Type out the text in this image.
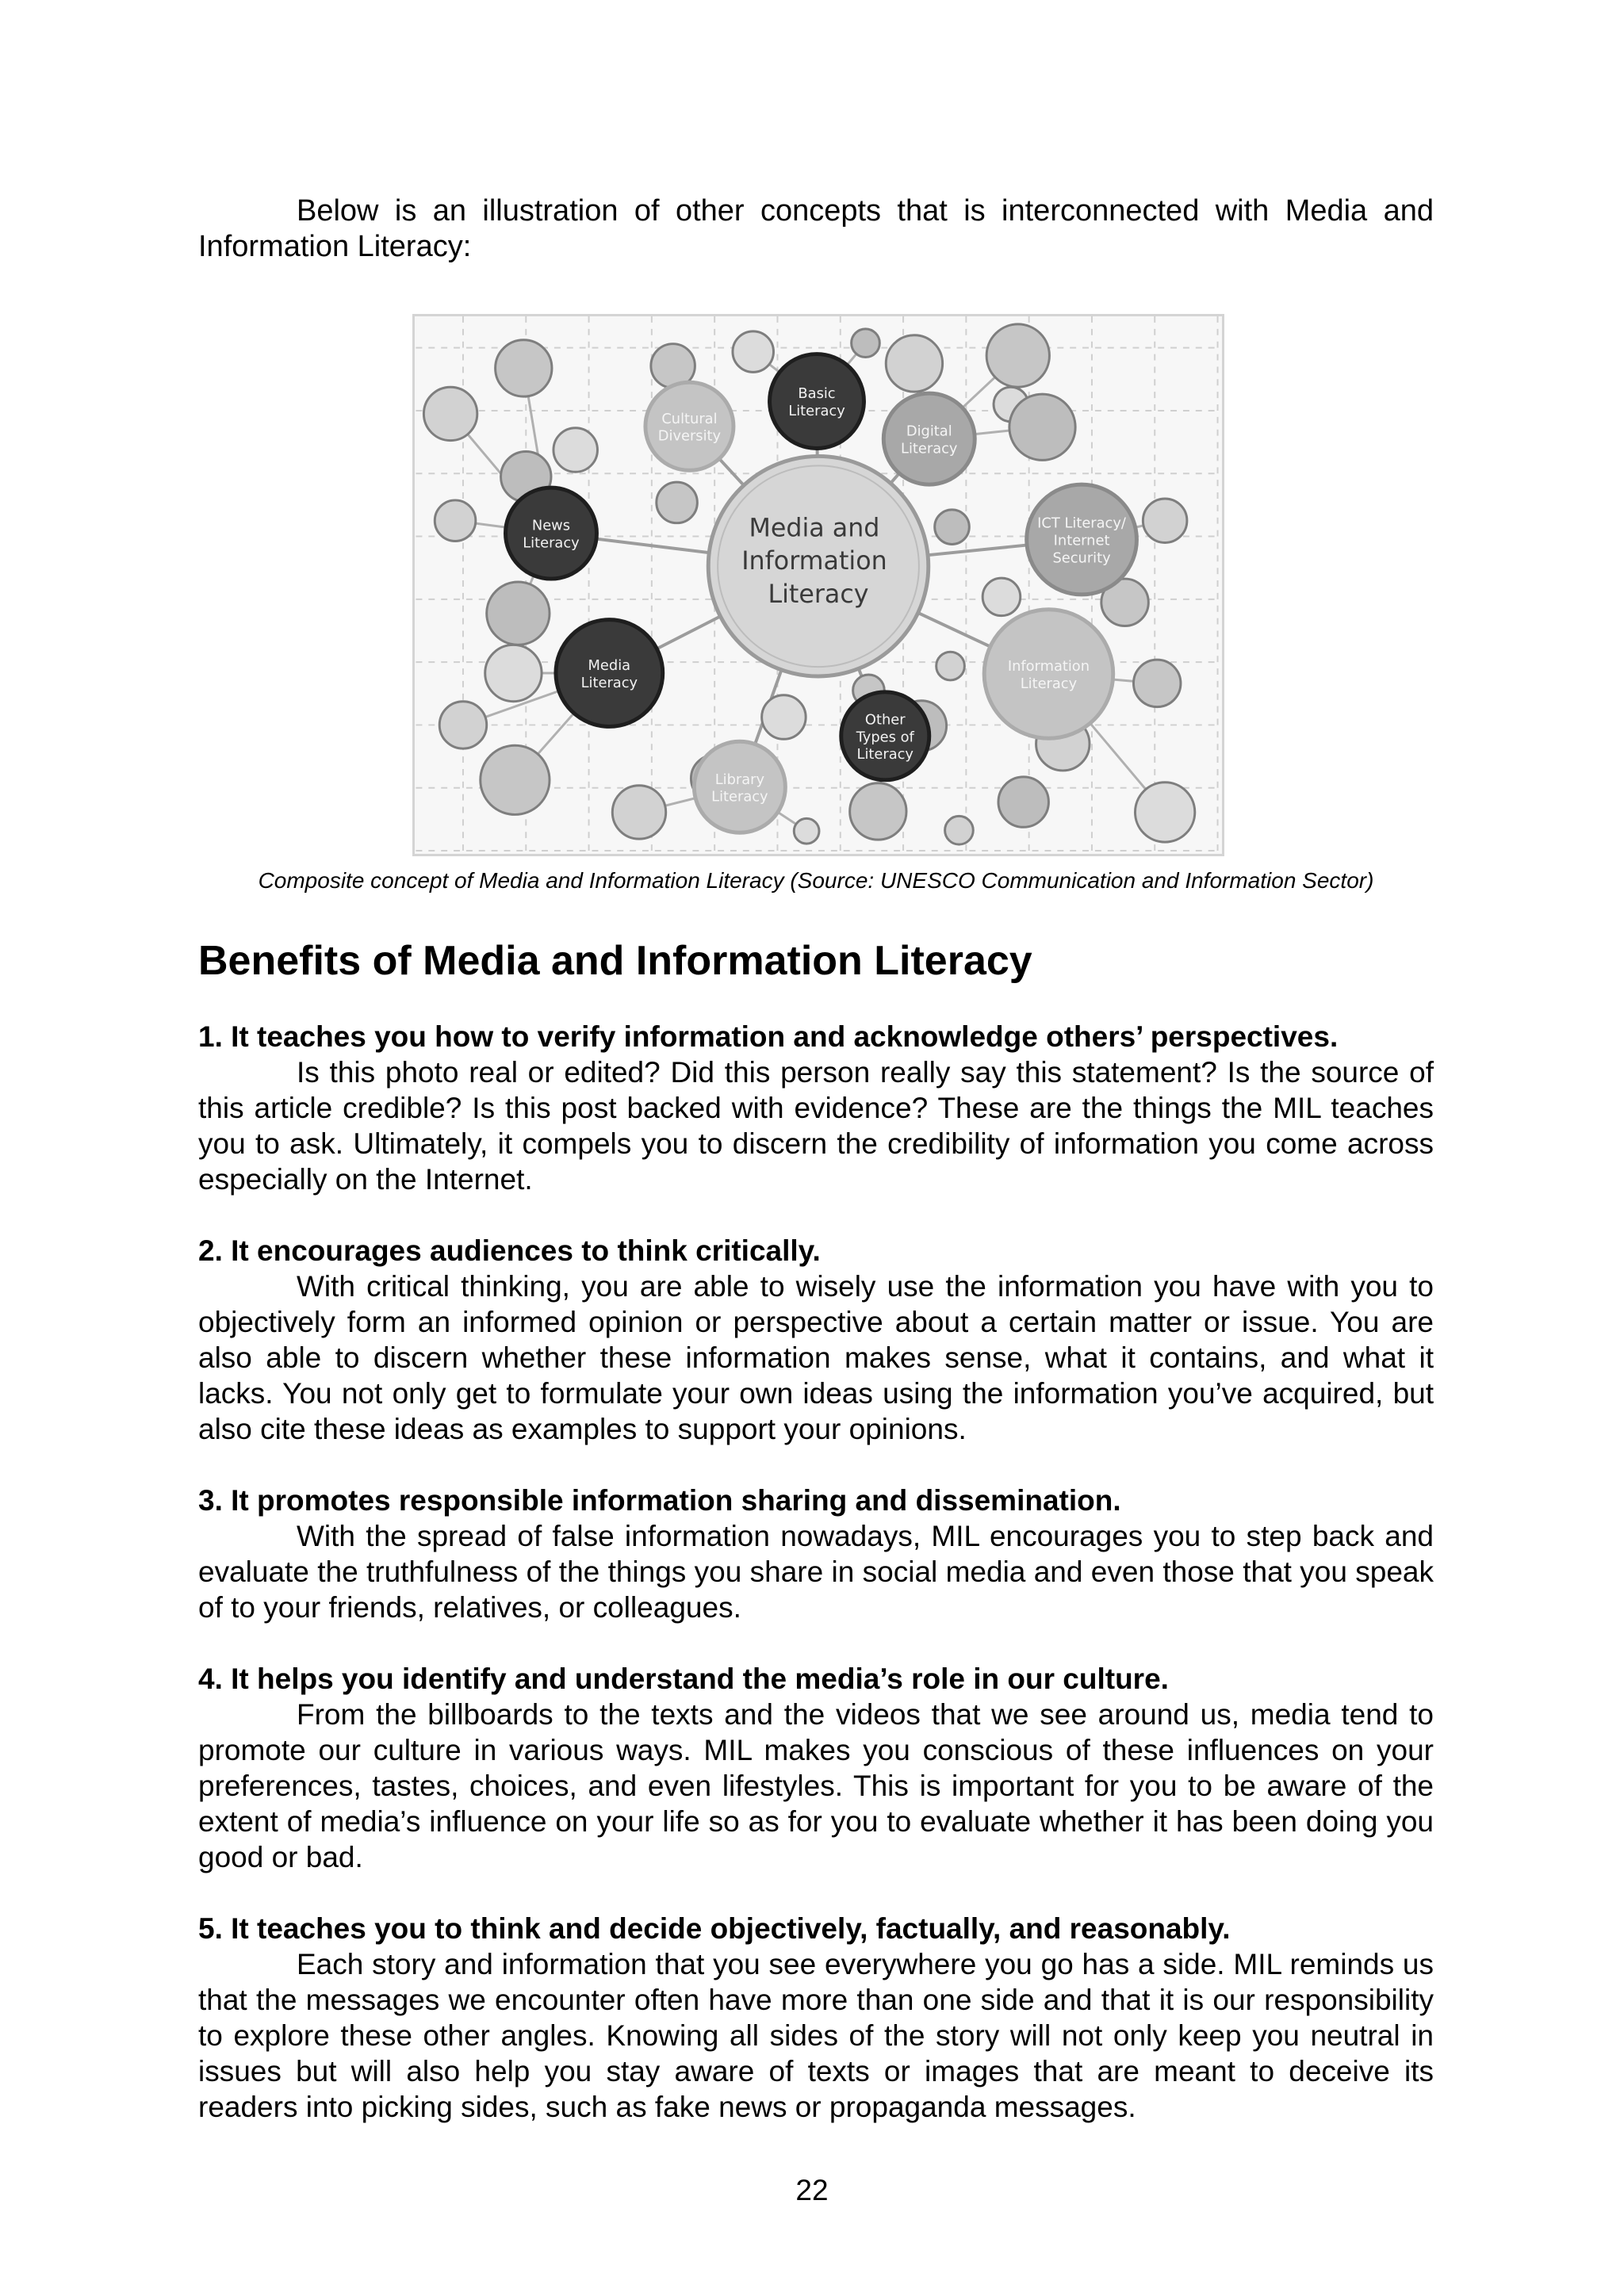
Below is an illustration of other concepts that is interconnected with Media and Information Literacy:

Media and Information Literacy
Basic Literacy
Cultural Diversity	Digital Literacy
News Literacy
ICT Literacy/ Internet Security
Media Literacy
Other Types of Literacy
Information Literacy
Library Literacy

Composite concept of Media and Information Literacy (Source: UNESCO Communication and Information Sector)

Benefits of Media and Information Literacy
1. It teaches you how to verify information and acknowledge others’ perspectives.

Is this photo real or edited? Did this person really say this statement? Is the source of this article credible? Is this post backed with evidence? These are the things the MIL teaches you to ask. Ultimately, it compels you to discern the credibility of information you come across especially on the Internet.

2. It encourages audiences to think critically.

With critical thinking, you are able to wisely use the information you have with you to objectively form an informed opinion or perspective about a certain matter or issue. You are also able to discern whether these information makes sense, what it contains, and what it lacks. You not only get to formulate your own ideas using the information you’ve acquired, but also cite these ideas as examples to support your opinions.

3. It promotes responsible information sharing and dissemination.

With the spread of false information nowadays, MIL encourages you to step back and evaluate the truthfulness of the things you share in social media and even those that you speak of to your friends, relatives, or colleagues.

4. It helps you identify and understand the media’s role in our culture.

From the billboards to the texts and the videos that we see around us, media tend to promote our culture in various ways. MIL makes you conscious of these influences on your preferences, tastes, choices, and even lifestyles. This is important for you to be aware of the extent of media’s influence on your life so as for you to evaluate whether it has been doing you good or bad.

5. It teaches you to think and decide objectively, factually, and reasonably.

Each story and information that you see everywhere you go has a side. MIL reminds us that the messages we encounter often have more than one side and that it is our responsibility to explore these other angles. Knowing all sides of the story will not only keep you neutral in issues but will also help you stay aware of texts or images that are meant to deceive its readers into picking sides, such as fake news or propaganda messages.

22
